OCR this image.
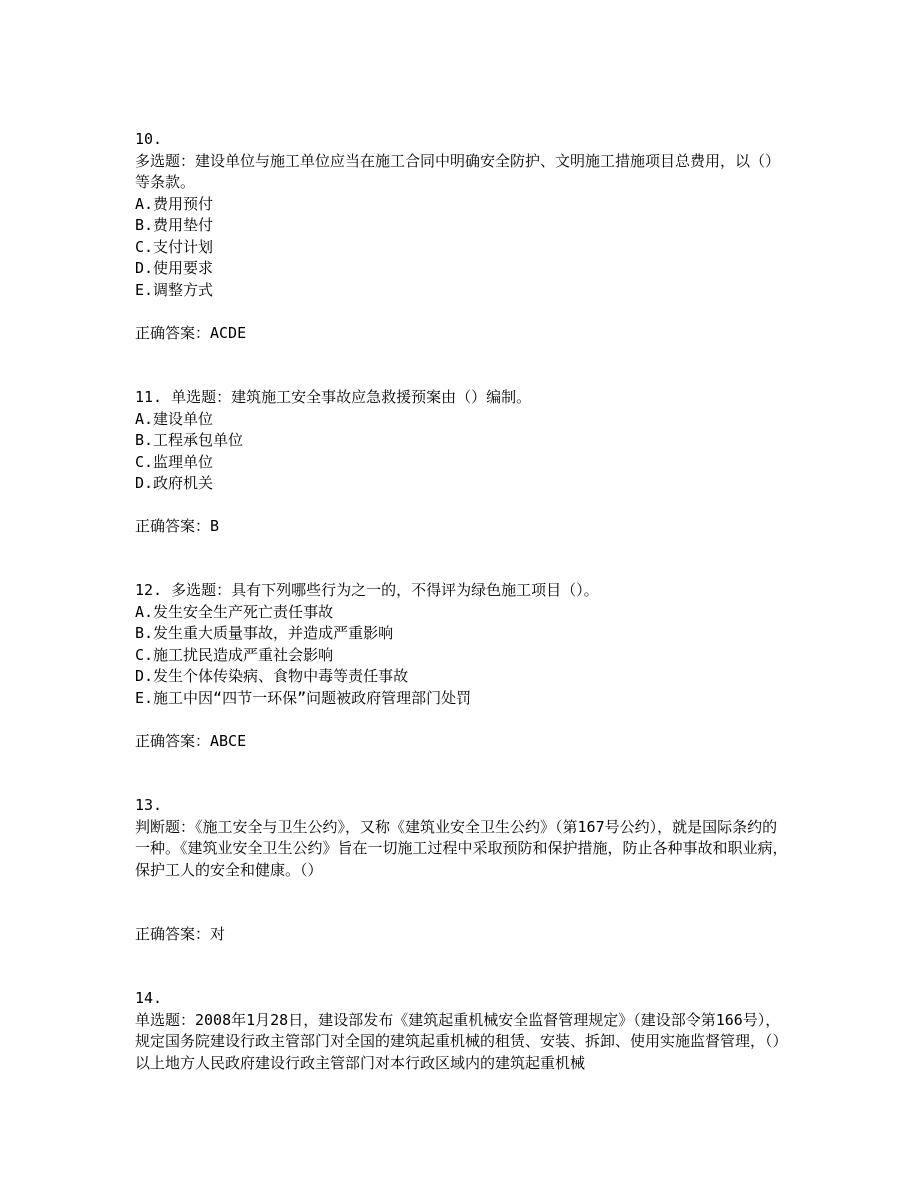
10.
多选题：建设单位与施工单位应当在施工合同中明确安全防护、文明施工措施项目总费用，以（）等条款。
A.费用预付
B.费用垫付
C.支付计划
D.使用要求
E.调整方式
正确答案：ACDE
11. 单选题：建筑施工安全事故应急救援预案由（）编制。
A.建设单位
B.工程承包单位
C.监理单位
D.政府机关
正确答案：B
12. 多选题：具有下列哪些行为之一的，不得评为绿色施工项目（）。
A.发生安全生产死亡责任事故
B.发生重大质量事故，并造成严重影响
C.施工扰民造成严重社会影响
D.发生个体传染病、食物中毒等责任事故
E.施工中因“四节一环保”问题被政府管理部门处罚
正确答案：ABCE
13.
判断题：《施工安全与卫生公约》，又称《建筑业安全卫生公约》（第167号公约），就是国际条约的一种。《建筑业安全卫生公约》旨在一切施工过程中采取预防和保护措施，防止各种事故和职业病，保护工人的安全和健康。（）
正确答案：对
14.
单选题：2008年1月28日，建设部发布《建筑起重机械安全监督管理规定》（建设部令第166号），规定国务院建设行政主管部门对全国的建筑起重机械的租赁、安装、拆卸、使用实施监督管理，（）以上地方人民政府建设行政主管部门对本行政区域内的建筑起重机械
